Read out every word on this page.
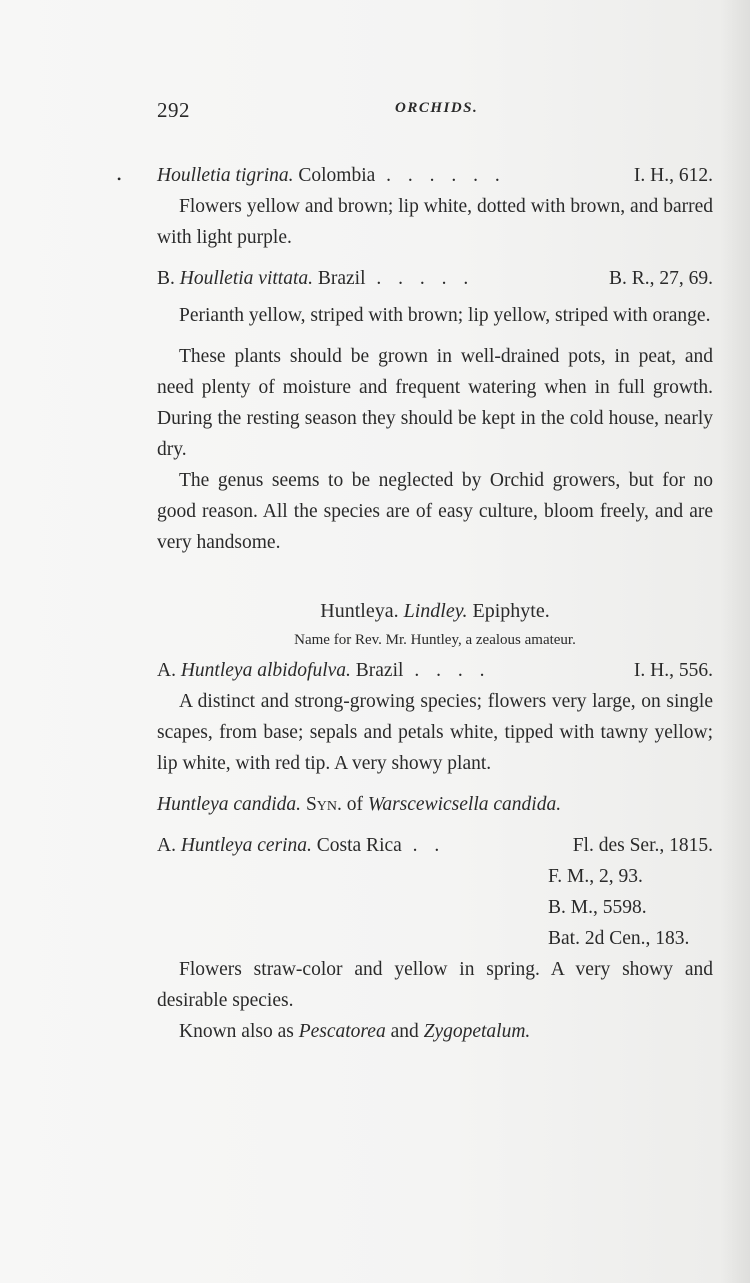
292	ORCHIDS.
• Houlletia tigrina. Colombia . . . . . .	I. H., 612.

Flowers yellow and brown; lip white, dotted with brown, and barred with light purple.

B. Houlletia vittata. Brazil . . . . .	B. R., 27, 69.

Perianth yellow, striped with brown; lip yellow, striped with orange.

These plants should be grown in well-drained pots, in peat, and need plenty of moisture and frequent watering when in full growth. During the resting season they should be kept in the cold house, nearly dry.

The genus seems to be neglected by Orchid growers, but for no good reason. All the species are of easy culture, bloom freely, and are very handsome.

Huntleya. Lindley. Epiphyte.

Name for Rev. Mr. Huntley, a zealous amateur.

A. Huntleya albidofulva. Brazil . . . .	I. H., 556.

A distinct and strong-growing species; flowers very large, on single scapes, from base; sepals and petals white, tipped with tawny yellow; lip white, with red tip. A very showy plant.

Huntleya candida. Syn. of Warscewicsella candida.

A. Huntleya cerina. Costa Rica . .	Fl. des Ser., 1815.
F. M., 2, 93.
B. M., 5598.
Bat. 2d Cen., 183.

Flowers straw-color and yellow in spring. A very showy and desirable species.

Known also as Pescatorea and Zygopetalum.
